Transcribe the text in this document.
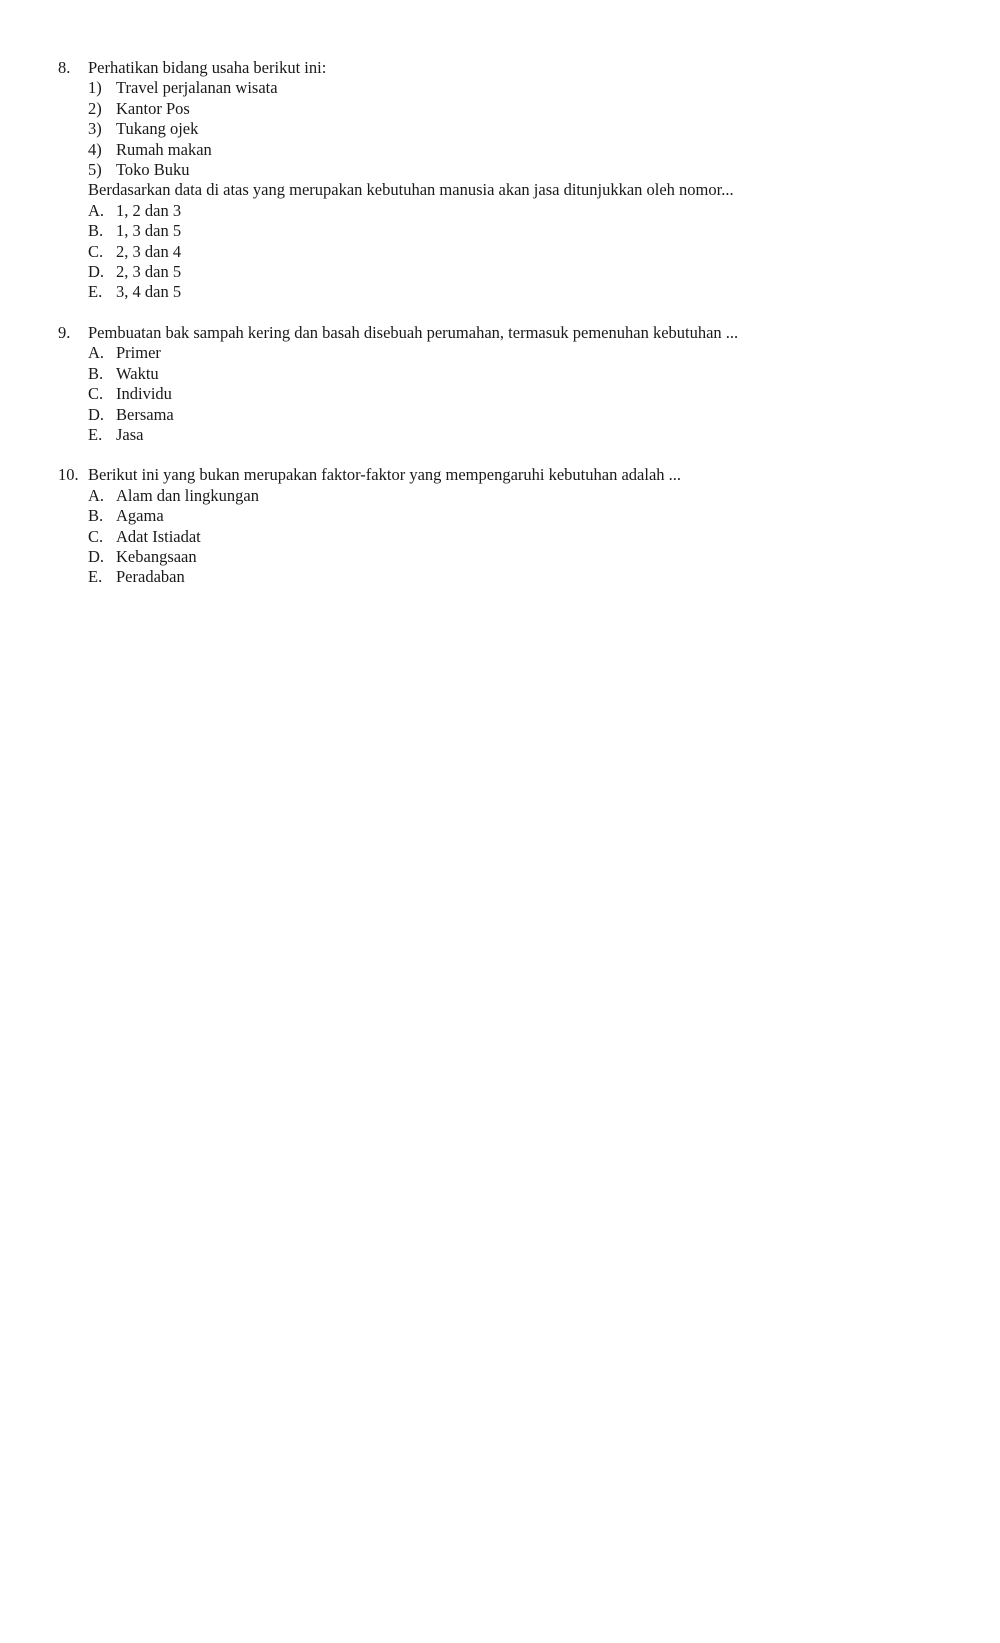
8.	Perhatikan bidang usaha berikut ini:
1) Travel perjalanan wisata
2) Kantor Pos
3) Tukang ojek
4) Rumah makan
5) Toko Buku
Berdasarkan data di atas yang merupakan kebutuhan manusia akan jasa ditunjukkan oleh nomor...
A. 1, 2 dan 3
B. 1, 3 dan 5
C. 2, 3 dan 4
D. 2, 3 dan 5
E. 3, 4 dan 5
9.	Pembuatan bak sampah kering dan basah disebuah perumahan, termasuk pemenuhan kebutuhan ...
A. Primer
B. Waktu
C. Individu
D. Bersama
E. Jasa
10. Berikut ini yang bukan merupakan faktor-faktor yang mempengaruhi kebutuhan adalah ...
A. Alam dan lingkungan
B. Agama
C. Adat Istiadat
D. Kebangsaan
E. Peradaban
